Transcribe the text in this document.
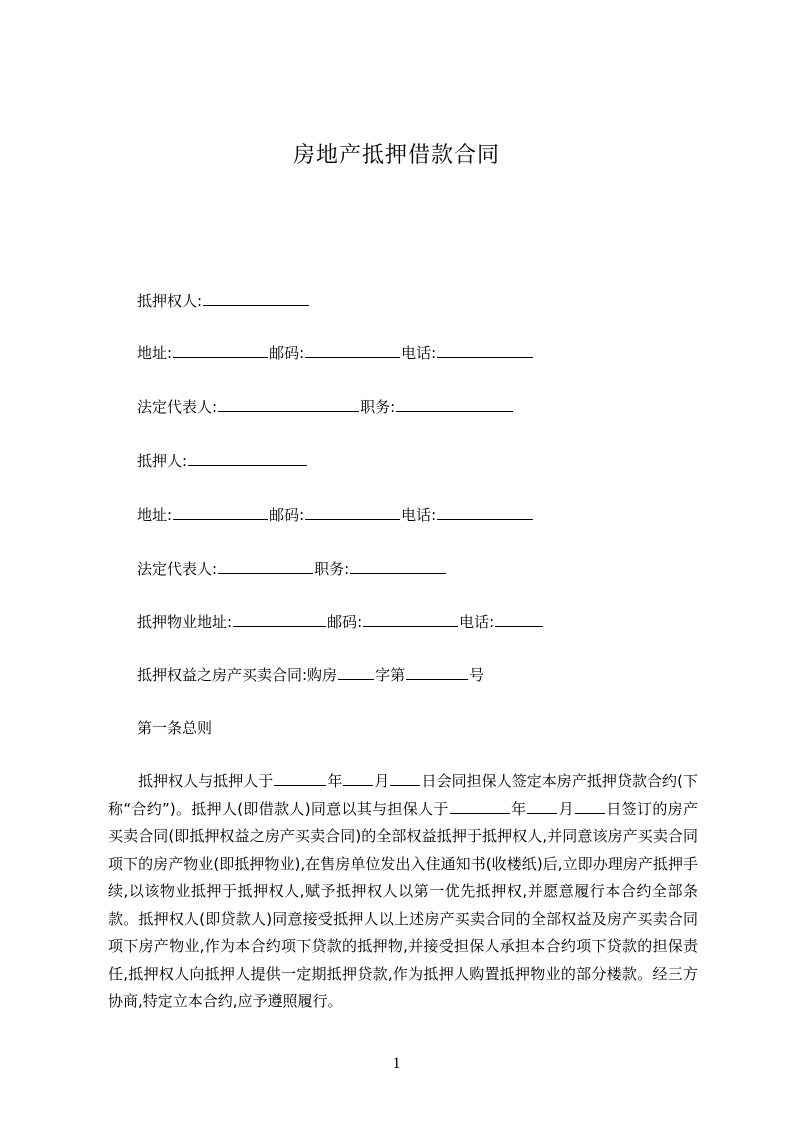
房地产抵押借款合同
抵押权人:
地址:	邮码:	电话:
法定代表人:	职务:
抵押人:
地址:	邮码:	电话:
法定代表人:	职务:
抵押物业地址:	邮码:	电话:
抵押权益之房产买卖合同:购房	字第	号
第一条总则

抵押权人与抵押人于	年 月 日会同担保人签定本房产抵押贷款合约(下称“合约”)。抵押人(即借款人)同意以其与担保人于	年 月 日签订的房产买卖合同(即抵押权益之房产买卖合同)的全部权益抵押于抵押权人,并同意该房产买卖合同项下的房产物业(即抵押物业),在售房单位发出入住通知书(收楼纸)后,立即办理房产抵押手续,以该物业抵押于抵押权人,赋予抵押权人以第一优先抵押权,并愿意履行本合约全部条款。抵押权人(即贷款人)同意接受抵押人以上述房产买卖合同的全部权益及房产买卖合同项下房产物业,作为本合约项下贷款的抵押物,并接受担保人承担本合约项下贷款的担保责任,抵押权人向抵押人提供一定期抵押贷款,作为抵押人购置抵押物业的部分楼款。经三方协商,特定立本合约,应予遵照履行。

1
